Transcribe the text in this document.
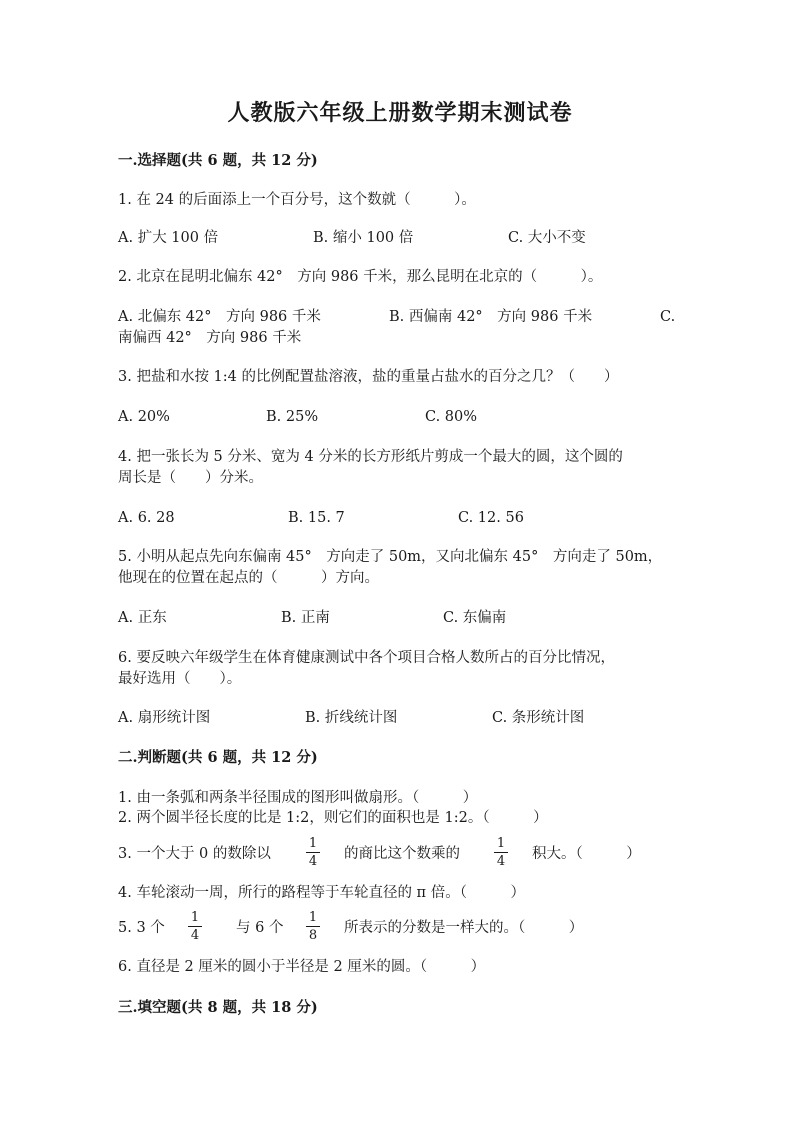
人教版六年级上册数学期末测试卷
一.选择题(共 6 题，共 12 分)
1. 在 24 的后面添上一个百分号，这个数就（　　　）。
A. 扩大 100 倍	B. 缩小 100 倍	C. 大小不变
2. 北京在昆明北偏东 42°　方向 986 千米，那么昆明在北京的（　　　）。
A. 北偏东 42°　方向 986 千米	B. 西偏南 42°　方向 986 千米	C.
南偏西 42°　方向 986 千米
3. 把盐和水按 1:4 的比例配置盐溶液，盐的重量占盐水的百分之几？（　　）
A. 20%	B. 25%	C. 80%
4. 把一张长为 5 分米、宽为 4 分米的长方形纸片剪成一个最大的圆，这个圆的
周长是（　　）分米。
A. 6. 28	B. 15. 7	C. 12. 56
5. 小明从起点先向东偏南 45°　方向走了 50m，又向北偏东 45°　方向走了 50m，
他现在的位置在起点的（　　　）方向。
A. 正东	B. 正南	C. 东偏南
6. 要反映六年级学生在体育健康测试中各个项目合格人数所占的百分比情况，
最好选用（　　）。
A. 扇形统计图	B. 折线统计图	C. 条形统计图
二.判断题(共 6 题，共 12 分)
1. 由一条弧和两条半径围成的图形叫做扇形。（　　　）
2. 两个圆半径长度的比是 1:2，则它们的面积也是 1:2。（　　　）
3. 一个大于 0 的数除以
1
4	的商比这个数乘的
1
4	积大。（　　　）
4. 车轮滚动一周，所行的路程等于车轮直径的 π 倍。（　　　）
5. 3 个
1
4	与 6 个
1
8	所表示的分数是一样大的。（　　　）
6. 直径是 2 厘米的圆小于半径是 2 厘米的圆。（　　　）
三.填空题(共 8 题，共 18 分)
